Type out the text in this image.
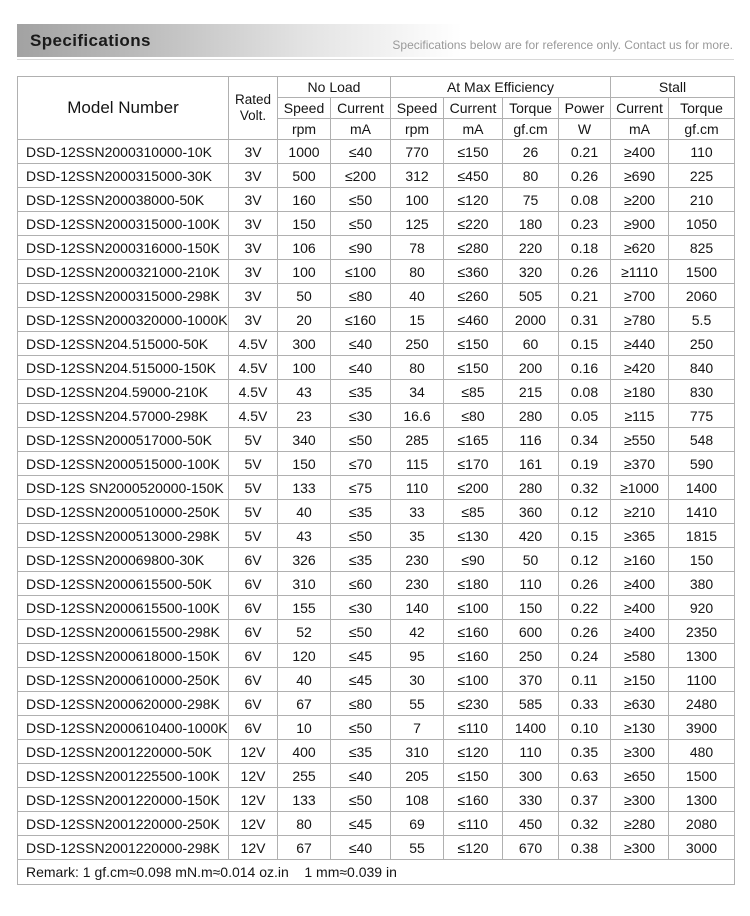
Specifications	Specifications below are for reference only. Contact us for more.
Model Number	Rated Volt.	No Load		At Max Efficiency				Stall	
		Speed	Current	Speed	Current	Torque	Power	Current	Torque
		rpm	mA	rpm	mA	gf.cm	W	mA	gf.cm
DSD-12SSN2000310000-10K	3V	1000	≤40	770	≤150	26	0.21	≥400	110
DSD-12SSN2000315000-30K	3V	500	≤200	312	≤450	80	0.26	≥690	225
DSD-12SSN200038000-50K	3V	160	≤50	100	≤120	75	0.08	≥200	210
DSD-12SSN2000315000-100K	3V	150	≤50	125	≤220	180	0.23	≥900	1050
DSD-12SSN2000316000-150K	3V	106	≤90	78	≤280	220	0.18	≥620	825
DSD-12SSN2000321000-210K	3V	100	≤100	80	≤360	320	0.26	≥1110	1500
DSD-12SSN2000315000-298K	3V	50	≤80	40	≤260	505	0.21	≥700	2060
DSD-12SSN2000320000-1000K	3V	20	≤160	15	≤460	2000	0.31	≥780	5.5
DSD-12SSN204.515000-50K	4.5V	300	≤40	250	≤150	60	0.15	≥440	250
DSD-12SSN204.515000-150K	4.5V	100	≤40	80	≤150	200	0.16	≥420	840
DSD-12SSN204.59000-210K	4.5V	43	≤35	34	≤85	215	0.08	≥180	830
DSD-12SSN204.57000-298K	4.5V	23	≤30	16.6	≤80	280	0.05	≥115	775
DSD-12SSN2000517000-50K	5V	340	≤50	285	≤165	116	0.34	≥550	548
DSD-12SSN2000515000-100K	5V	150	≤70	115	≤170	161	0.19	≥370	590
DSD-12S SN2000520000-150K	5V	133	≤75	110	≤200	280	0.32	≥1000	1400
DSD-12SSN2000510000-250K	5V	40	≤35	33	≤85	360	0.12	≥210	1410
DSD-12SSN2000513000-298K	5V	43	≤50	35	≤130	420	0.15	≥365	1815
DSD-12SSN200069800-30K	6V	326	≤35	230	≤90	50	0.12	≥160	150
DSD-12SSN2000615500-50K	6V	310	≤60	230	≤180	110	0.26	≥400	380
DSD-12SSN2000615500-100K	6V	155	≤30	140	≤100	150	0.22	≥400	920
DSD-12SSN2000615500-298K	6V	52	≤50	42	≤160	600	0.26	≥400	2350
DSD-12SSN2000618000-150K	6V	120	≤45	95	≤160	250	0.24	≥580	1300
DSD-12SSN2000610000-250K	6V	40	≤45	30	≤100	370	0.11	≥150	1100
DSD-12SSN2000620000-298K	6V	67	≤80	55	≤230	585	0.33	≥630	2480
DSD-12SSN2000610400-1000K	6V	10	≤50	7	≤110	1400	0.10	≥130	3900
DSD-12SSN2001220000-50K	12V	400	≤35	310	≤120	110	0.35	≥300	480
DSD-12SSN2001225500-100K	12V	255	≤40	205	≤150	300	0.63	≥650	1500
DSD-12SSN2001220000-150K	12V	133	≤50	108	≤160	330	0.37	≥300	1300
DSD-12SSN2001220000-250K	12V	80	≤45	69	≤110	450	0.32	≥280	2080
DSD-12SSN2001220000-298K	12V	67	≤40	55	≤120	670	0.38	≥300	3000
Remark: 1 gf.cm≈0.098 mN.m≈0.014 oz.in    1 mm≈0.039 in									
